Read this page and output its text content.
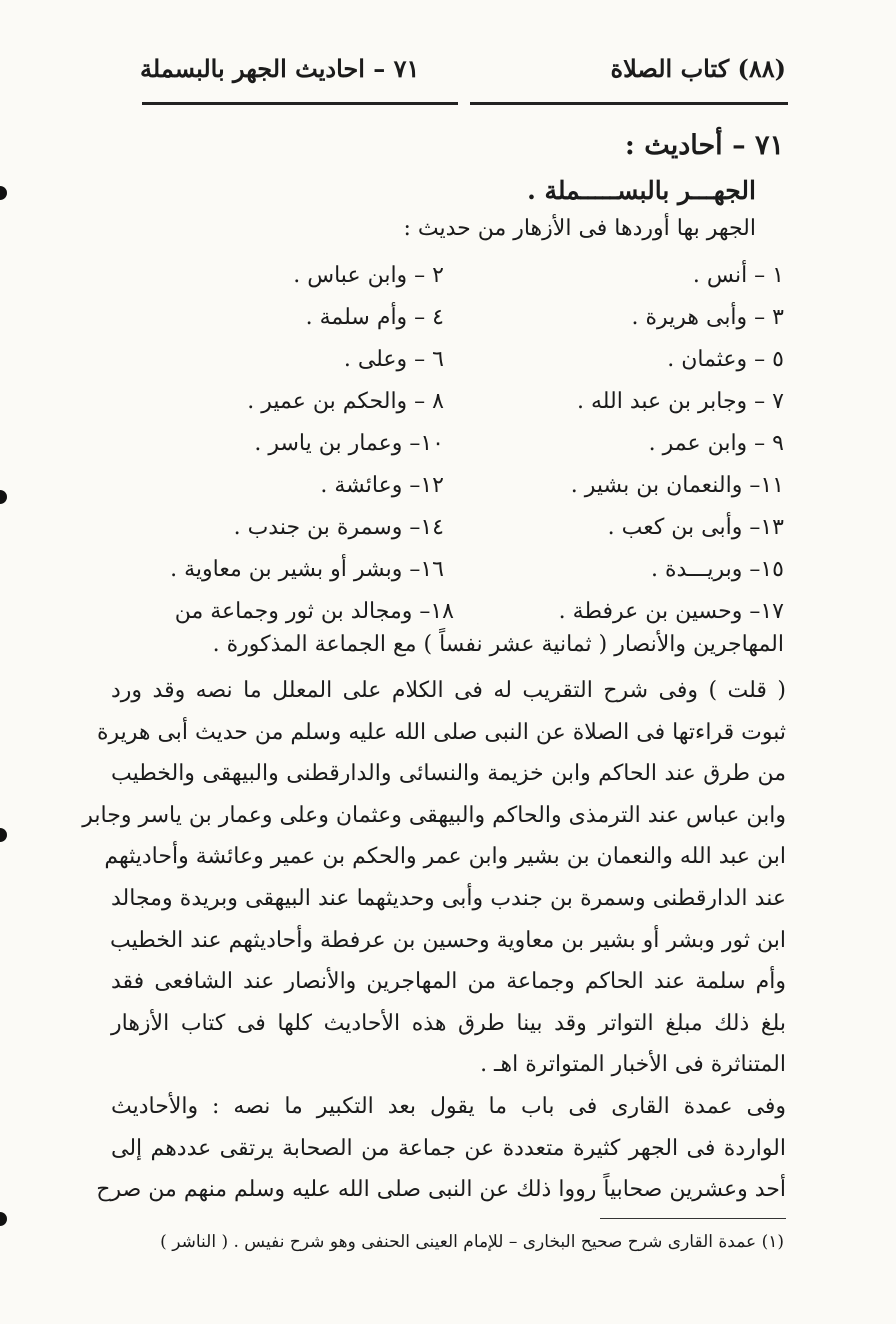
(٨٨) كتاب الصلاة
٧١ – احاديث الجهر بالبسملة
٧١ – أحاديث :
الجهـــر بالبســـــملة .
الجهر بها أوردها فى الأزهار من حديث :
١ – أنس .
٢ – وابن عباس .
٣ – وأبى هريرة .
٤ – وأم سلمة .
٥ – وعثمان .
٦ – وعلى .
٧ – وجابر بن عبد الله .
٨ – والحكم بن عمير .
٩ – وابن عمر .
١٠– وعمار بن ياسر .
١١– والنعمان بن بشير .
١٢– وعائشة .
١٣– وأبى بن كعب .
١٤– وسمرة بن جندب .
١٥– وبريـــدة .
١٦– وبشر أو بشير بن معاوية .
١٧– وحسين بن عرفطة .
١٨– ومجالد بن ثور وجماعة من
المهاجرين والأنصار ( ثمانية عشر نفساً ) مع الجماعة المذكورة .
( قلت ) وفى شرح التقريب له فى الكلام على المعلل ما نصه وقد ورد
ثبوت قراءتها فى الصلاة عن النبى صلى الله عليه وسلم من حديث أبى هريرة
من طرق عند الحاكم وابن خزيمة والنسائى والدارقطنى والبيهقى والخطيب
وابن عباس عند الترمذى والحاكم والبيهقى وعثمان وعلى وعمار بن ياسر وجابر
ابن عبد الله والنعمان بن بشير وابن عمر والحكم بن عمير وعائشة وأحاديثهم
عند الدارقطنى وسمرة بن جندب وأبى وحديثهما عند البيهقى وبريدة ومجالد
ابن ثور وبشر أو بشير بن معاوية وحسين بن عرفطة وأحاديثهم عند الخطيب
وأم سلمة عند الحاكم وجماعة من المهاجرين والأنصار عند الشافعى فقد
بلغ ذلك مبلغ التواتر وقد بينا طرق هذه الأحاديث كلها فى كتاب الأزهار
المتناثرة فى الأخبار المتواترة اهـ .
وفى عمدة القارى فى باب ما يقول بعد التكبير ما نصه : والأحاديث
الواردة فى الجهر كثيرة متعددة عن جماعة من الصحابة يرتقى عددهم إلى
أحد وعشرين صحابياً رووا ذلك عن النبى صلى الله عليه وسلم منهم من صرح
(١) عمدة القارى شرح صحيح البخارى – للإمام العينى الحنفى وهو شرح نفيس . ( الناشر )
